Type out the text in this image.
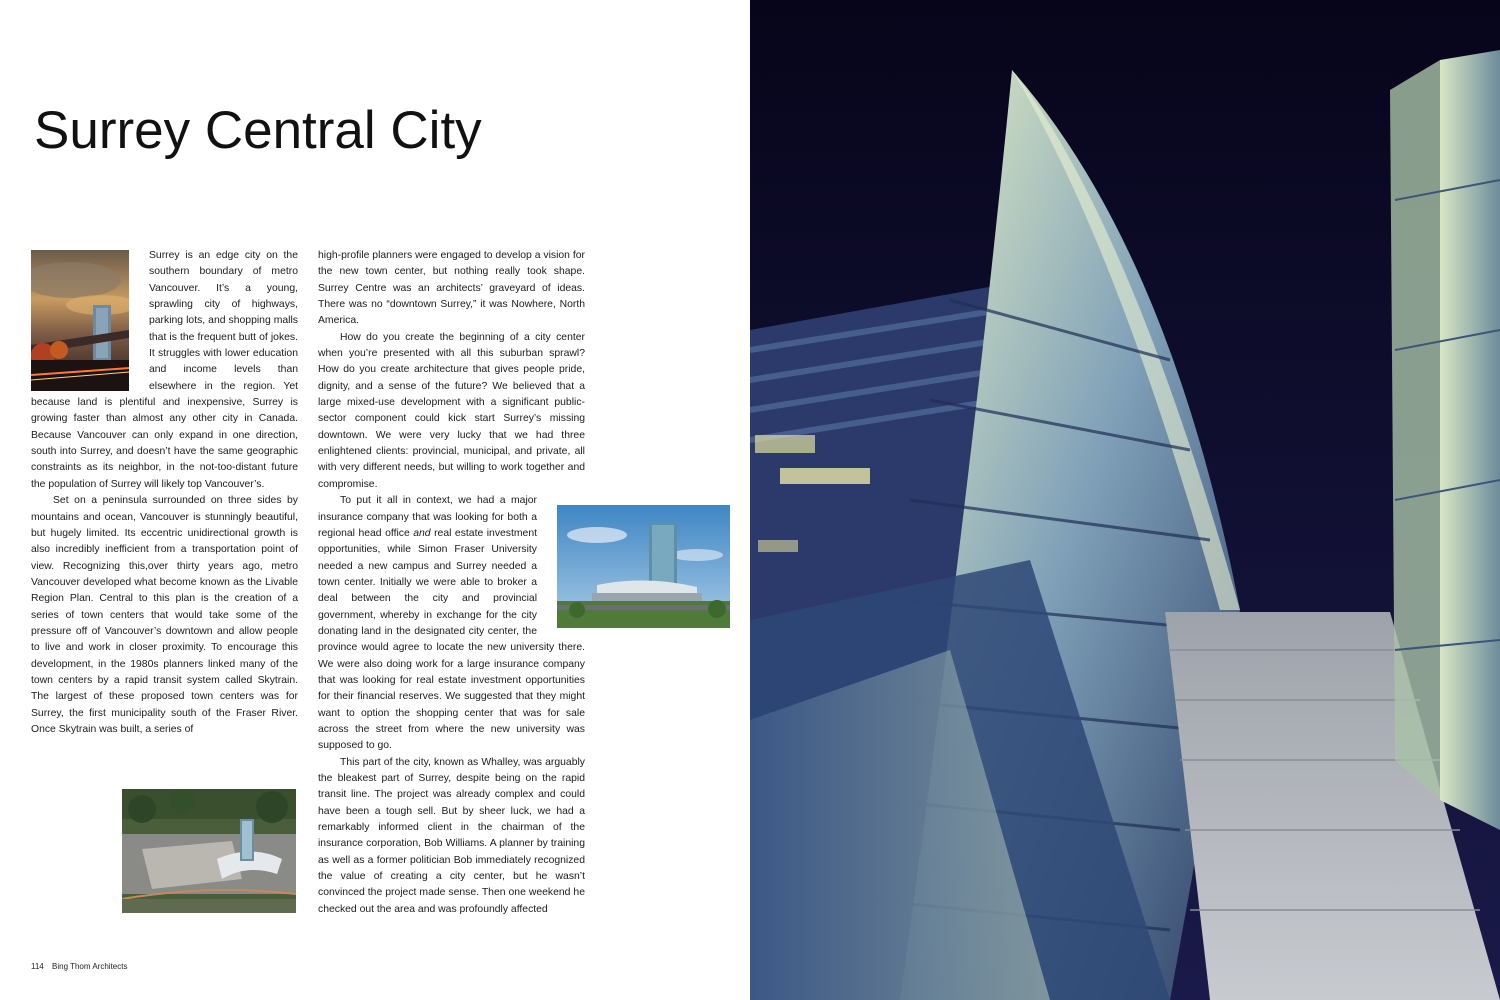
Surrey Central City

Surrey is an edge city on the southern boundary of metro Vancouver. It’s a young, sprawling city of highways, parking lots, and shopping malls that is the frequent butt of jokes. It struggles with lower education and income levels than elsewhere in the region. Yet because land is plentiful and inexpensive, Surrey is growing faster than almost any other city in Canada. Because Vancouver can only expand in one direction, south into Surrey, and doesn’t have the same geographic constraints as its neighbor, in the not-too-distant future the population of Surrey will likely top Vancouver’s.

Set on a peninsula surrounded on three sides by mountains and ocean, Vancouver is stunningly beautiful, but hugely limited. Its eccentric unidirectional growth is also incredibly inefficient from a transportation point of view. Recognizing this,over thirty years ago, metro Vancouver developed what become known as the Livable Region Plan. Central to this plan is the creation of a series of town centers that would take some of the pressure off of Vancouver’s downtown and allow people to live and work in closer proximity. To encourage this development, in the 1980s planners linked many of the town centers by a rapid transit system called Skytrain. The largest of these proposed town centers was for Surrey, the first municipality south of the Fraser River. Once Skytrain was built, a series of

high-profile planners were engaged to develop a vision for the new town center, but nothing really took shape. Surrey Centre was an architects’ graveyard of ideas. There was no “downtown Surrey,” it was Nowhere, North America.

How do you create the beginning of a city center when you’re presented with all this suburban sprawl? How do you create architecture that gives people pride, dignity, and a sense of the future? We believed that a large mixed-use development with a significant public-sector component could kick start Surrey’s missing downtown. We were very lucky that we had three enlightened clients: provincial, municipal, and private, all with very different needs, but willing to work together and compromise.

To put it all in context, we had a major insurance company that was looking for both a regional head office and real estate investment opportunities, while Simon Fraser University needed a new campus and Surrey needed a town center. Initially we were able to broker a deal between the city and provincial government, whereby in exchange for the city donating land in the designated city center, the province would agree to locate the new university there. We were also doing work for a large insurance company that was looking for real estate investment opportunities for their financial reserves. We suggested that they might want to option the shopping center that was for sale across the street from where the new university was supposed to go.

This part of the city, known as Whalley, was arguably the bleakest part of Surrey, despite being on the rapid transit line. The project was already complex and could have been a tough sell. But by sheer luck, we had a remarkably informed client in the chairman of the insurance corporation, Bob Williams. A planner by training as well as a former politician Bob immediately recognized the value of creating a city center, but he wasn’t convinced the project made sense. Then one weekend he checked out the area and was profoundly affected

114 Bing Thom Architects
